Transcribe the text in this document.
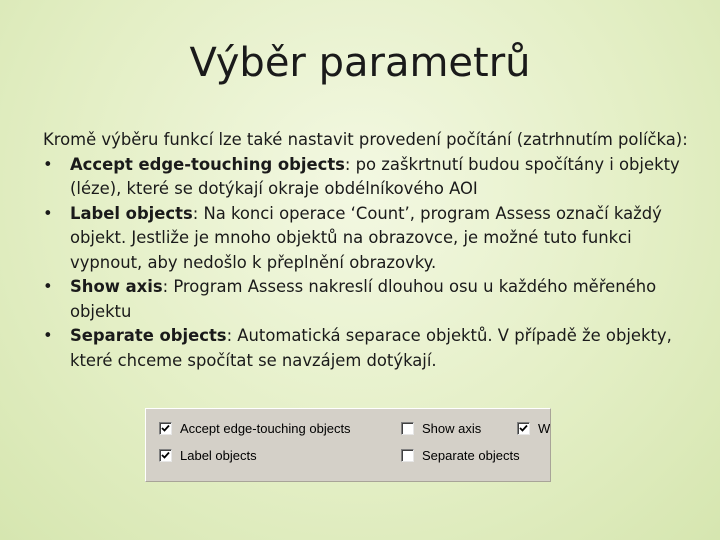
Výběr parametrů

Kromě výběru funkcí lze také nastavit provedení počítání (zatrhnutím políčka):

• Accept edge-touching objects: po zaškrtnutí budou spočítány i objekty (léze), které se dotýkají okraje obdélníkového AOI
• Label objects: Na konci operace ‘Count’, program Assess označí každý objekt. Jestliže je mnoho objektů na obrazovce, je možné tuto funkci vypnout, aby nedošlo k přeplnění obrazovky.
• Show axis: Program Assess nakreslí dlouhou osu u každého měřeného objektu
• Separate objects: Automatická separace objektů. V případě že objekty, které chceme spočítat se navzájem dotýkají.
Accept edge-touching objects	Show axis	W
Label objects	Separate objects
